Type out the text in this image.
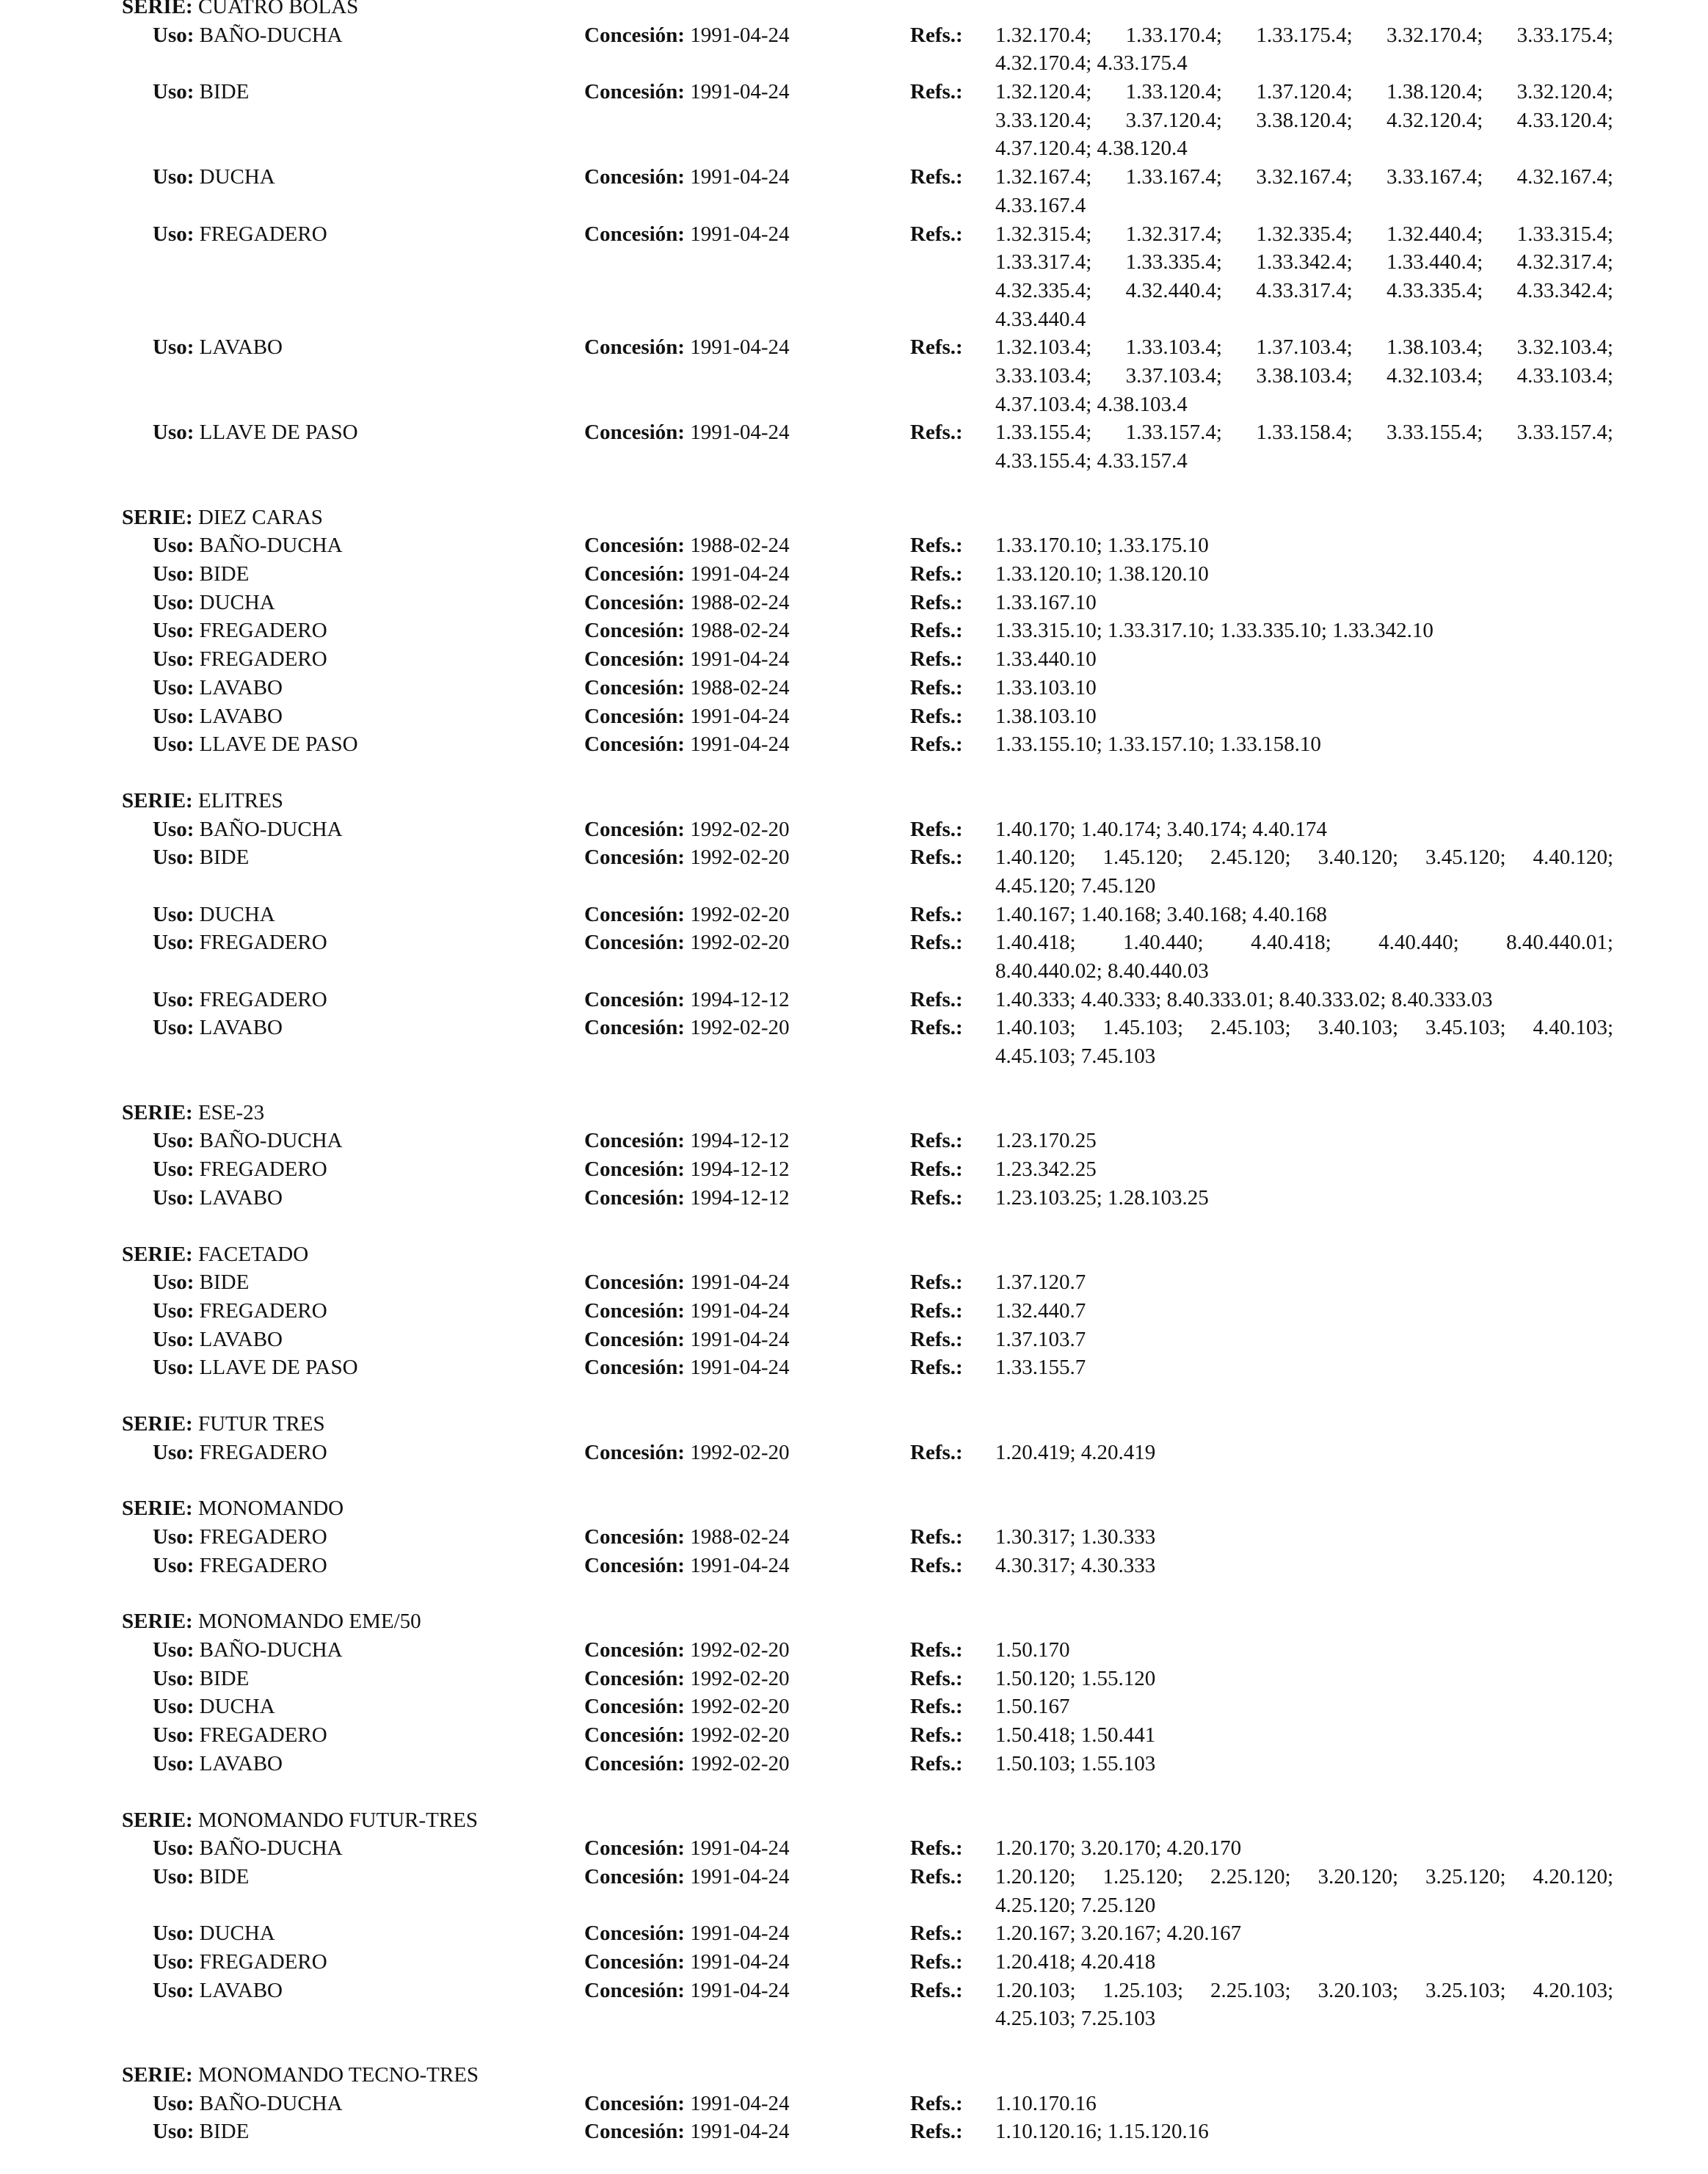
SERIE: CUATRO BOLAS
Uso: BAÑO-DUCHA	Concesión: 1991-04-24	Refs.: 1.32.170.4; 1.33.170.4; 1.33.175.4; 3.32.170.4; 3.33.175.4;
4.32.170.4; 4.33.175.4
Uso: BIDE	Concesión: 1991-04-24	Refs.: 1.32.120.4; 1.33.120.4; 1.37.120.4; 1.38.120.4; 3.32.120.4;
3.33.120.4; 3.37.120.4; 3.38.120.4; 4.32.120.4; 4.33.120.4;
4.37.120.4; 4.38.120.4
Uso: DUCHA	Concesión: 1991-04-24	Refs.: 1.32.167.4; 1.33.167.4; 3.32.167.4; 3.33.167.4; 4.32.167.4;
4.33.167.4
Uso: FREGADERO	Concesión: 1991-04-24	Refs.: 1.32.315.4; 1.32.317.4; 1.32.335.4; 1.32.440.4; 1.33.315.4;
1.33.317.4; 1.33.335.4; 1.33.342.4; 1.33.440.4; 4.32.317.4;
4.32.335.4; 4.32.440.4; 4.33.317.4; 4.33.335.4; 4.33.342.4;
4.33.440.4
Uso: LAVABO	Concesión: 1991-04-24	Refs.: 1.32.103.4; 1.33.103.4; 1.37.103.4; 1.38.103.4; 3.32.103.4;
3.33.103.4; 3.37.103.4; 3.38.103.4; 4.32.103.4; 4.33.103.4;
4.37.103.4; 4.38.103.4
Uso: LLAVE DE PASO	Concesión: 1991-04-24	Refs.: 1.33.155.4; 1.33.157.4; 1.33.158.4; 3.33.155.4; 3.33.157.4;
4.33.155.4; 4.33.157.4
SERIE: DIEZ CARAS
Uso: BAÑO-DUCHA	Concesión: 1988-02-24	Refs.: 1.33.170.10; 1.33.175.10
Uso: BIDE	Concesión: 1991-04-24	Refs.: 1.33.120.10; 1.38.120.10
Uso: DUCHA	Concesión: 1988-02-24	Refs.: 1.33.167.10
Uso: FREGADERO	Concesión: 1988-02-24	Refs.: 1.33.315.10; 1.33.317.10; 1.33.335.10; 1.33.342.10
Uso: FREGADERO	Concesión: 1991-04-24	Refs.: 1.33.440.10
Uso: LAVABO	Concesión: 1988-02-24	Refs.: 1.33.103.10
Uso: LAVABO	Concesión: 1991-04-24	Refs.: 1.38.103.10
Uso: LLAVE DE PASO	Concesión: 1991-04-24	Refs.: 1.33.155.10; 1.33.157.10; 1.33.158.10
SERIE: ELITRES
Uso: BAÑO-DUCHA	Concesión: 1992-02-20	Refs.: 1.40.170; 1.40.174; 3.40.174; 4.40.174
Uso: BIDE	Concesión: 1992-02-20	Refs.: 1.40.120; 1.45.120; 2.45.120; 3.40.120; 3.45.120; 4.40.120;
4.45.120; 7.45.120
Uso: DUCHA	Concesión: 1992-02-20	Refs.: 1.40.167; 1.40.168; 3.40.168; 4.40.168
Uso: FREGADERO	Concesión: 1992-02-20	Refs.: 1.40.418; 1.40.440; 4.40.418; 4.40.440; 8.40.440.01;
8.40.440.02; 8.40.440.03
Uso: FREGADERO	Concesión: 1994-12-12	Refs.: 1.40.333; 4.40.333; 8.40.333.01; 8.40.333.02; 8.40.333.03
Uso: LAVABO	Concesión: 1992-02-20	Refs.: 1.40.103; 1.45.103; 2.45.103; 3.40.103; 3.45.103; 4.40.103;
4.45.103; 7.45.103
SERIE: ESE-23
Uso: BAÑO-DUCHA	Concesión: 1994-12-12	Refs.: 1.23.170.25
Uso: FREGADERO	Concesión: 1994-12-12	Refs.: 1.23.342.25
Uso: LAVABO	Concesión: 1994-12-12	Refs.: 1.23.103.25; 1.28.103.25
SERIE: FACETADO
Uso: BIDE	Concesión: 1991-04-24	Refs.: 1.37.120.7
Uso: FREGADERO	Concesión: 1991-04-24	Refs.: 1.32.440.7
Uso: LAVABO	Concesión: 1991-04-24	Refs.: 1.37.103.7
Uso: LLAVE DE PASO	Concesión: 1991-04-24	Refs.: 1.33.155.7
SERIE: FUTUR TRES
Uso: FREGADERO	Concesión: 1992-02-20	Refs.: 1.20.419; 4.20.419
SERIE: MONOMANDO
Uso: FREGADERO	Concesión: 1988-02-24	Refs.: 1.30.317; 1.30.333
Uso: FREGADERO	Concesión: 1991-04-24	Refs.: 4.30.317; 4.30.333
SERIE: MONOMANDO EME/50
Uso: BAÑO-DUCHA	Concesión: 1992-02-20	Refs.: 1.50.170
Uso: BIDE	Concesión: 1992-02-20	Refs.: 1.50.120; 1.55.120
Uso: DUCHA	Concesión: 1992-02-20	Refs.: 1.50.167
Uso: FREGADERO	Concesión: 1992-02-20	Refs.: 1.50.418; 1.50.441
Uso: LAVABO	Concesión: 1992-02-20	Refs.: 1.50.103; 1.55.103
SERIE: MONOMANDO FUTUR-TRES
Uso: BAÑO-DUCHA	Concesión: 1991-04-24	Refs.: 1.20.170; 3.20.170; 4.20.170
Uso: BIDE	Concesión: 1991-04-24	Refs.: 1.20.120; 1.25.120; 2.25.120; 3.20.120; 3.25.120; 4.20.120;
4.25.120; 7.25.120
Uso: DUCHA	Concesión: 1991-04-24	Refs.: 1.20.167; 3.20.167; 4.20.167
Uso: FREGADERO	Concesión: 1991-04-24	Refs.: 1.20.418; 4.20.418
Uso: LAVABO	Concesión: 1991-04-24	Refs.: 1.20.103; 1.25.103; 2.25.103; 3.20.103; 3.25.103; 4.20.103;
4.25.103; 7.25.103
SERIE: MONOMANDO TECNO-TRES
Uso: BAÑO-DUCHA	Concesión: 1991-04-24	Refs.: 1.10.170.16
Uso: BIDE	Concesión: 1991-04-24	Refs.: 1.10.120.16; 1.15.120.16
